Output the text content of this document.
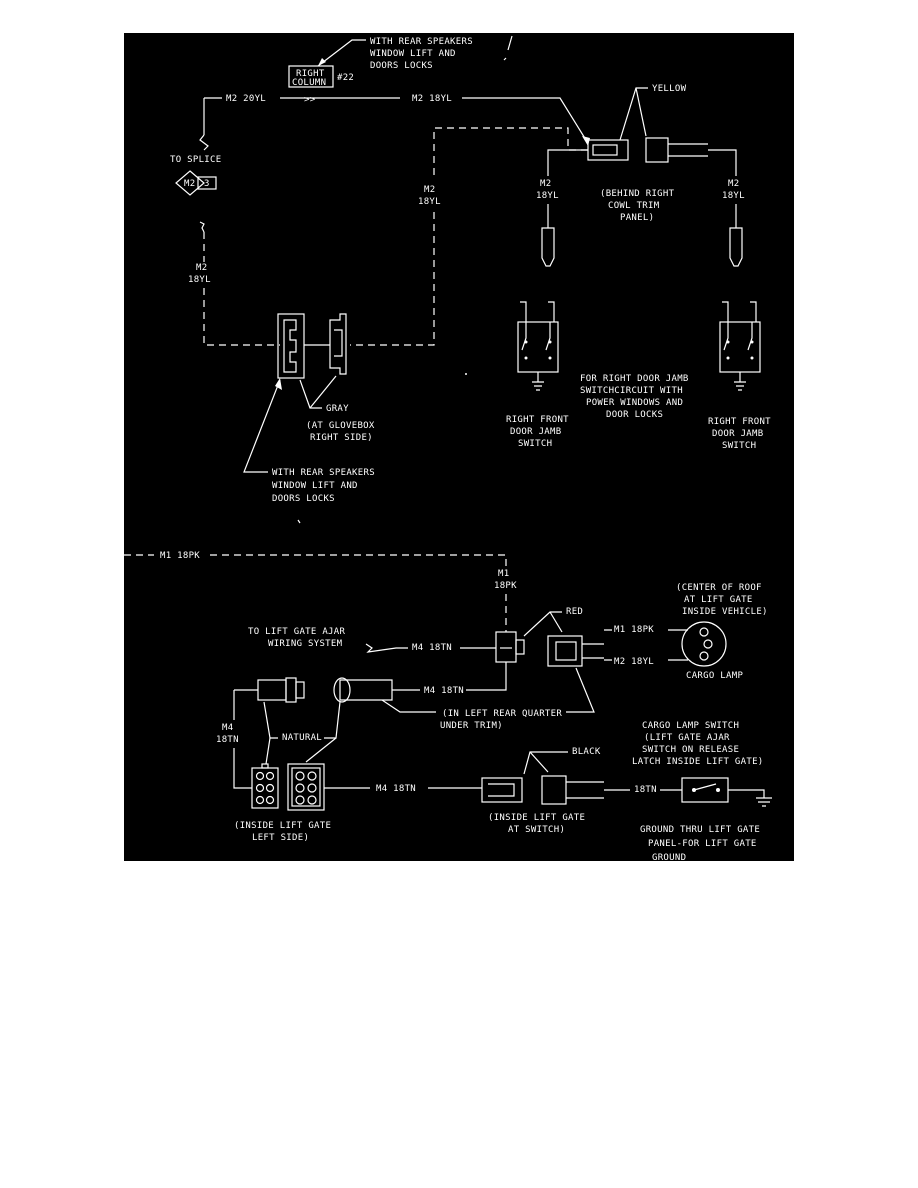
RIGHT
COLUMN #22
WITH REAR SPEAKERS
WINDOW LIFT AND
DOORS LOCKS
M2 20YL	>>	M2 18YL
YELLOW
M2
18YL
M2
18YL
(BEHIND RIGHT
COWL TRIM
PANEL)
TO SPLICE
M2 3
M2
18YL
M2
18YL
GRAY
(AT GLOVEBOX
RIGHT SIDE)
WITH REAR SPEAKERS
WINDOW LIFT AND
DOORS LOCKS
RIGHT FRONT
DOOR JAMB
SWITCH
RIGHT FRONT
DOOR JAMB
SWITCH
FOR RIGHT DOOR JAMB
SWITCHCIRCUIT WITH
POWER WINDOWS AND
DOOR LOCKS
M1 18PK
M1
18PK
RED
TO LIFT GATE AJAR
WIRING SYSTEM	M4 18TN
M1 18PK
M2 18YL
(CENTER OF ROOF
AT LIFT GATE
INSIDE VEHICLE)
CARGO LAMP
M4 18TN
(IN LEFT REAR QUARTER
UNDER TRIM)
M4
18TN	NATURAL
(INSIDE LIFT GATE
LEFT SIDE)
M4 18TN
BLACK
(INSIDE LIFT GATE
AT SWITCH)
18TN
CARGO LAMP SWITCH
(LIFT GATE AJAR
SWITCH ON RELEASE
LATCH INSIDE LIFT GATE)
GROUND THRU LIFT GATE
PANEL-FOR LIFT GATE
GROUND
